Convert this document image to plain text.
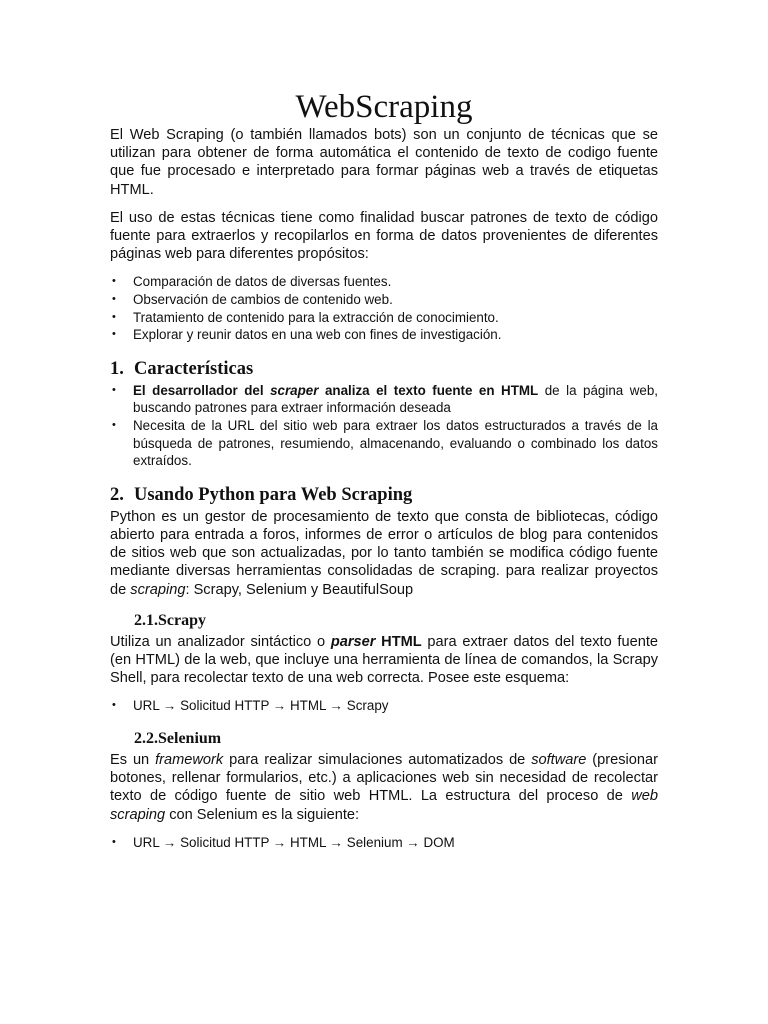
WebScraping

El Web Scraping (o también llamados bots) son un conjunto de técnicas que se utilizan para obtener de forma automática el contenido de texto de codigo fuente que fue procesado e interpretado para formar páginas web a través de etiquetas HTML.

El uso de estas técnicas tiene como finalidad buscar patrones de texto de código fuente para extraerlos y recopilarlos en forma de datos provenientes de diferentes páginas web para diferentes propósitos:

• Comparación de datos de diversas fuentes.
• Observación de cambios de contenido web.
• Tratamiento de contenido para la extracción de conocimiento.
• Explorar y reunir datos en una web con fines de investigación.
1. Características
• El desarrollador del scraper analiza el texto fuente en HTML de la página web, buscando patrones para extraer información deseada
• Necesita de la URL del sitio web para extraer los datos estructurados a través de la búsqueda de patrones, resumiendo, almacenando, evaluando o combinado los datos extraídos.
2. Usando Python para Web Scraping

Python es un gestor de procesamiento de texto que consta de bibliotecas, código abierto para entrada a foros, informes de error o artículos de blog para contenidos de sitios web que son actualizadas, por lo tanto también se modifica código fuente mediante diversas herramientas consolidadas de scraping. para realizar proyectos de scraping: Scrapy, Selenium y BeautifulSoup

2.1.Scrapy

Utiliza un analizador sintáctico o parser HTML para extraer datos del texto fuente (en HTML) de la web, que incluye una herramienta de línea de comandos, la Scrapy Shell, para recolectar texto de una web correcta. Posee este esquema:

• URL → Solicitud HTTP → HTML → Scrapy
2.2.Selenium

Es un framework para realizar simulaciones automatizados de software (presionar botones, rellenar formularios, etc.) a aplicaciones web sin necesidad de recolectar texto de código fuente de sitio web HTML. La estructura del proceso de web scraping con Selenium es la siguiente:

• URL → Solicitud HTTP → HTML → Selenium → DOM
